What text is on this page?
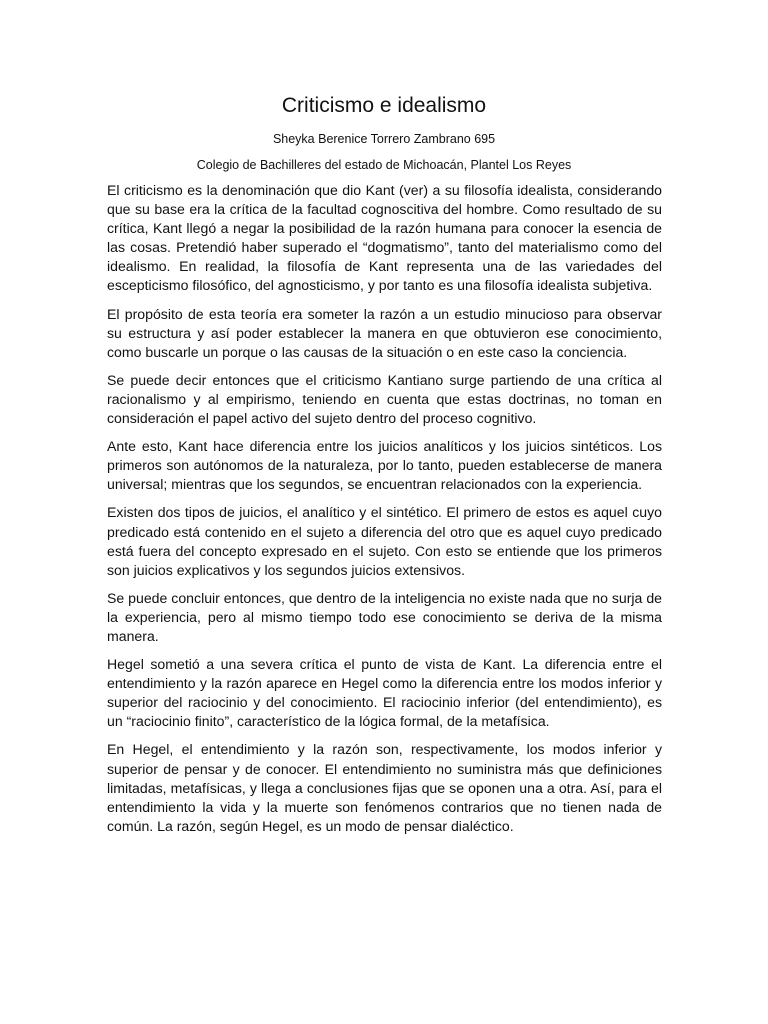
Criticismo e idealismo
Sheyka Berenice Torrero Zambrano 695
Colegio de Bachilleres del estado de Michoacán, Plantel Los Reyes

El criticismo es la denominación que dio Kant (ver) a su filosofía idealista, considerando que su base era la crítica de la facultad cognoscitiva del hombre. Como resultado de su crítica, Kant llegó a negar la posibilidad de la razón humana para conocer la esencia de las cosas. Pretendió haber superado el “dogmatismo”, tanto del materialismo como del idealismo. En realidad, la filosofía de Kant representa una de las variedades del escepticismo filosófico, del agnosticismo, y por tanto es una filosofía idealista subjetiva.

El propósito de esta teoría era someter la razón a un estudio minucioso para observar su estructura y así poder establecer la manera en que obtuvieron ese conocimiento, como buscarle un porque o las causas de la situación o en este caso la conciencia.

Se puede decir entonces que el criticismo Kantiano surge partiendo de una crítica al racionalismo y al empirismo, teniendo en cuenta que estas doctrinas, no toman en consideración el papel activo del sujeto dentro del proceso cognitivo.

Ante esto, Kant hace diferencia entre los juicios analíticos y los juicios sintéticos. Los primeros son autónomos de la naturaleza, por lo tanto, pueden establecerse de manera universal; mientras que los segundos, se encuentran relacionados con la experiencia.

Existen dos tipos de juicios, el analítico y el sintético. El primero de estos es aquel cuyo predicado está contenido en el sujeto a diferencia del otro que es aquel cuyo predicado está fuera del concepto expresado en el sujeto. Con esto se entiende que los primeros son juicios explicativos y los segundos juicios extensivos.

Se puede concluir entonces, que dentro de la inteligencia no existe nada que no surja de la experiencia, pero al mismo tiempo todo ese conocimiento se deriva de la misma manera.

Hegel sometió a una severa crítica el punto de vista de Kant. La diferencia entre el entendimiento y la razón aparece en Hegel como la diferencia entre los modos inferior y superior del raciocinio y del conocimiento. El raciocinio inferior (del entendimiento), es un “raciocinio finito”, característico de la lógica formal, de la metafísica.

En Hegel, el entendimiento y la razón son, respectivamente, los modos inferior y superior de pensar y de conocer. El entendimiento no suministra más que definiciones limitadas, metafísicas, y llega a conclusiones fijas que se oponen una a otra. Así, para el entendimiento la vida y la muerte son fenómenos contrarios que no tienen nada de común. La razón, según Hegel, es un modo de pensar dialéctico.
